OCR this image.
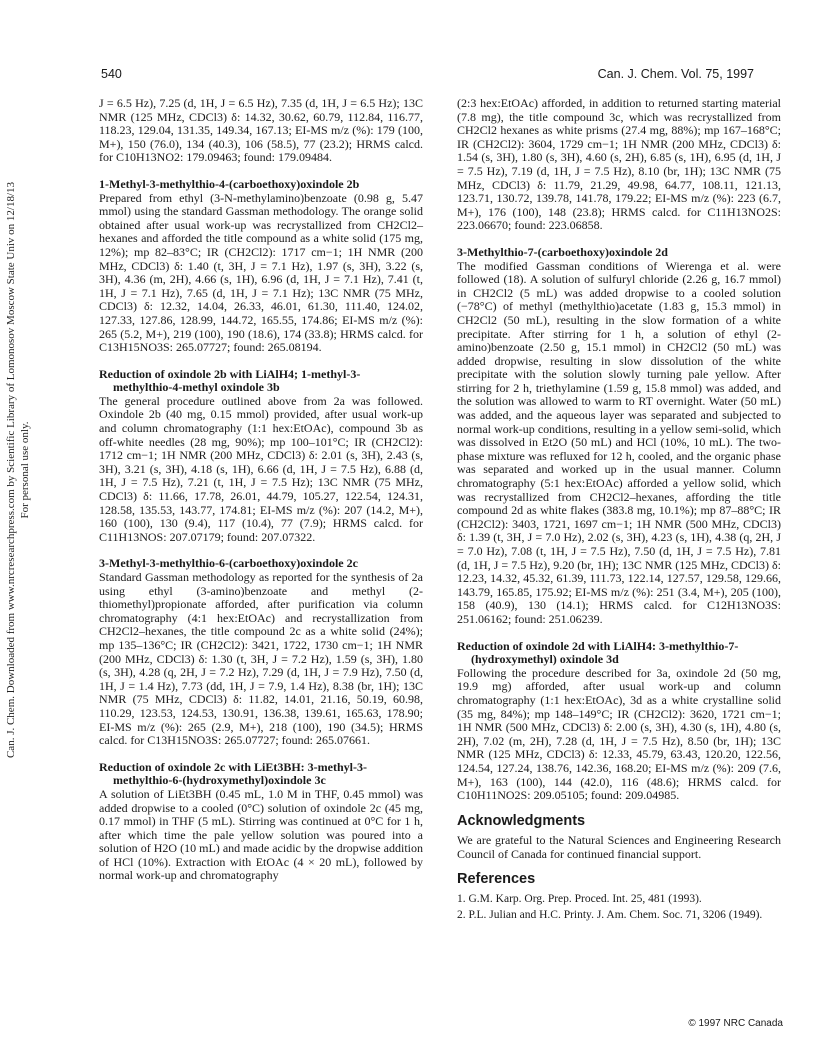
540	Can. J. Chem. Vol. 75, 1997
Can. J. Chem. Downloaded from www.nrcresearchpress.com by Scientific Library of Lomonosov Moscow State Univ on 12/18/13 For personal use only.

J = 6.5 Hz), 7.25 (d, 1H, J = 6.5 Hz), 7.35 (d, 1H, J = 6.5 Hz); 13C NMR (125 MHz, CDCl3) δ: 14.32, 30.62, 60.79, 112.84, 116.77, 118.23, 129.04, 131.35, 149.34, 167.13; EI-MS m/z (%): 179 (100, M+), 150 (76.0), 134 (40.3), 106 (58.5), 77 (23.2); HRMS calcd. for C10H13NO2: 179.09463; found: 179.09484.

1-Methyl-3-methylthio-4-(carboethoxy)oxindole 2b

Prepared from ethyl (3-N-methylamino)benzoate (0.98 g, 5.47 mmol) using the standard Gassman methodology. The orange solid obtained after usual work-up was recrystallized from CH2Cl2–hexanes and afforded the title compound as a white solid (175 mg, 12%); mp 82–83°C; IR (CH2Cl2): 1717 cm−1; 1H NMR (200 MHz, CDCl3) δ: 1.40 (t, 3H, J = 7.1 Hz), 1.97 (s, 3H), 3.22 (s, 3H), 4.36 (m, 2H), 4.66 (s, 1H), 6.96 (d, 1H, J = 7.1 Hz), 7.41 (t, 1H, J = 7.1 Hz), 7.65 (d, 1H, J = 7.1 Hz); 13C NMR (75 MHz, CDCl3) δ: 12.32, 14.04, 26.33, 46.01, 61.30, 111.40, 124.02, 127.33, 127.86, 128.99, 144.72, 165.55, 174.86; EI-MS m/z (%): 265 (5.2, M+), 219 (100), 190 (18.6), 174 (33.8); HRMS calcd. for C13H15NO3S: 265.07727; found: 265.08194.

Reduction of oxindole 2b with LiAlH4; 1-methyl-3-
methylthio-4-methyl oxindole 3b

The general procedure outlined above from 2a was followed. Oxindole 2b (40 mg, 0.15 mmol) provided, after usual work-up and column chromatography (1:1 hex:EtOAc), compound 3b as off-white needles (28 mg, 90%); mp 100–101°C; IR (CH2Cl2): 1712 cm−1; 1H NMR (200 MHz, CDCl3) δ: 2.01 (s, 3H), 2.43 (s, 3H), 3.21 (s, 3H), 4.18 (s, 1H), 6.66 (d, 1H, J = 7.5 Hz), 6.88 (d, 1H, J = 7.5 Hz), 7.21 (t, 1H, J = 7.5 Hz); 13C NMR (75 MHz, CDCl3) δ: 11.66, 17.78, 26.01, 44.79, 105.27, 122.54, 124.31, 128.58, 135.53, 143.77, 174.81; EI-MS m/z (%): 207 (14.2, M+), 160 (100), 130 (9.4), 117 (10.4), 77 (7.9); HRMS calcd. for C11H13NOS: 207.07179; found: 207.07322.

3-Methyl-3-methylthio-6-(carboethoxy)oxindole 2c

Standard Gassman methodology as reported for the synthesis of 2a using ethyl (3-amino)benzoate and methyl (2-thiomethyl)propionate afforded, after purification via column chromatography (4:1 hex:EtOAc) and recrystallization from CH2Cl2–hexanes, the title compound 2c as a white solid (24%); mp 135–136°C; IR (CH2Cl2): 3421, 1722, 1730 cm−1; 1H NMR (200 MHz, CDCl3) δ: 1.30 (t, 3H, J = 7.2 Hz), 1.59 (s, 3H), 1.80 (s, 3H), 4.28 (q, 2H, J = 7.2 Hz), 7.29 (d, 1H, J = 7.9 Hz), 7.50 (d, 1H, J = 1.4 Hz), 7.73 (dd, 1H, J = 7.9, 1.4 Hz), 8.38 (br, 1H); 13C NMR (75 MHz, CDCl3) δ: 11.82, 14.01, 21.16, 50.19, 60.98, 110.29, 123.53, 124.53, 130.91, 136.38, 139.61, 165.63, 178.90; EI-MS m/z (%): 265 (2.9, M+), 218 (100), 190 (34.5); HRMS calcd. for C13H15NO3S: 265.07727; found: 265.07661.

Reduction of oxindole 2c with LiEt3BH: 3-methyl-3-
methylthio-6-(hydroxymethyl)oxindole 3c

A solution of LiEt3BH (0.45 mL, 1.0 M in THF, 0.45 mmol) was added dropwise to a cooled (0°C) solution of oxindole 2c (45 mg, 0.17 mmol) in THF (5 mL). Stirring was continued at 0°C for 1 h, after which time the pale yellow solution was poured into a solution of H2O (10 mL) and made acidic by the dropwise addition of HCl (10%). Extraction with EtOAc (4 × 20 mL), followed by normal work-up and chromatography

(2:3 hex:EtOAc) afforded, in addition to returned starting material (7.8 mg), the title compound 3c, which was recrystallized from CH2Cl2 hexanes as white prisms (27.4 mg, 88%); mp 167–168°C; IR (CH2Cl2): 3604, 1729 cm−1; 1H NMR (200 MHz, CDCl3) δ: 1.54 (s, 3H), 1.80 (s, 3H), 4.60 (s, 2H), 6.85 (s, 1H), 6.95 (d, 1H, J = 7.5 Hz), 7.19 (d, 1H, J = 7.5 Hz), 8.10 (br, 1H); 13C NMR (75 MHz, CDCl3) δ: 11.79, 21.29, 49.98, 64.77, 108.11, 121.13, 123.71, 130.72, 139.78, 141.78, 179.22; EI-MS m/z (%): 223 (6.7, M+), 176 (100), 148 (23.8); HRMS calcd. for C11H13NO2S: 223.06670; found: 223.06858.

3-Methylthio-7-(carboethoxy)oxindole 2d

The modified Gassman conditions of Wierenga et al. were followed (18). A solution of sulfuryl chloride (2.26 g, 16.7 mmol) in CH2Cl2 (5 mL) was added dropwise to a cooled solution (−78°C) of methyl (methylthio)acetate (1.83 g, 15.3 mmol) in CH2Cl2 (50 mL), resulting in the slow formation of a white precipitate. After stirring for 1 h, a solution of ethyl (2-amino)benzoate (2.50 g, 15.1 mmol) in CH2Cl2 (50 mL) was added dropwise, resulting in slow dissolution of the white precipitate with the solution slowly turning pale yellow. After stirring for 2 h, triethylamine (1.59 g, 15.8 mmol) was added, and the solution was allowed to warm to RT overnight. Water (50 mL) was added, and the aqueous layer was separated and subjected to normal work-up conditions, resulting in a yellow semi-solid, which was dissolved in Et2O (50 mL) and HCl (10%, 10 mL). The two-phase mixture was refluxed for 12 h, cooled, and the organic phase was separated and worked up in the usual manner. Column chromatography (5:1 hex:EtOAc) afforded a yellow solid, which was recrystallized from CH2Cl2–hexanes, affording the title compound 2d as white flakes (383.8 mg, 10.1%); mp 87–88°C; IR (CH2Cl2): 3403, 1721, 1697 cm−1; 1H NMR (500 MHz, CDCl3) δ: 1.39 (t, 3H, J = 7.0 Hz), 2.02 (s, 3H), 4.23 (s, 1H), 4.38 (q, 2H, J = 7.0 Hz), 7.08 (t, 1H, J = 7.5 Hz), 7.50 (d, 1H, J = 7.5 Hz), 7.81 (d, 1H, J = 7.5 Hz), 9.20 (br, 1H); 13C NMR (125 MHz, CDCl3) δ: 12.23, 14.32, 45.32, 61.39, 111.73, 122.14, 127.57, 129.58, 129.66, 143.79, 165.85, 175.92; EI-MS m/z (%): 251 (3.4, M+), 205 (100), 158 (40.9), 130 (14.1); HRMS calcd. for C12H13NO3S: 251.06162; found: 251.06239.

Reduction of oxindole 2d with LiAlH4: 3-methylthio-7-
(hydroxymethyl) oxindole 3d

Following the procedure described for 3a, oxindole 2d (50 mg, 19.9 mg) afforded, after usual work-up and column chromatography (1:1 hex:EtOAc), 3d as a white crystalline solid (35 mg, 84%); mp 148–149°C; IR (CH2Cl2): 3620, 1721 cm−1; 1H NMR (500 MHz, CDCl3) δ: 2.00 (s, 3H), 4.30 (s, 1H), 4.80 (s, 2H), 7.02 (m, 2H), 7.28 (d, 1H, J = 7.5 Hz), 8.50 (br, 1H); 13C NMR (125 MHz, CDCl3) δ: 12.33, 45.79, 63.43, 120.20, 122.56, 124.54, 127.24, 138.76, 142.36, 168.20; EI-MS m/z (%): 209 (7.6, M+), 163 (100), 144 (42.0), 116 (48.6); HRMS calcd. for C10H11NO2S: 209.05105; found: 209.04985.

Acknowledgments

We are grateful to the Natural Sciences and Engineering Research Council of Canada for continued financial support.

References
1. G.M. Karp. Org. Prep. Proced. Int. 25, 481 (1993).
2. P.L. Julian and H.C. Printy. J. Am. Chem. Soc. 71, 3206 (1949).
© 1997 NRC Canada
